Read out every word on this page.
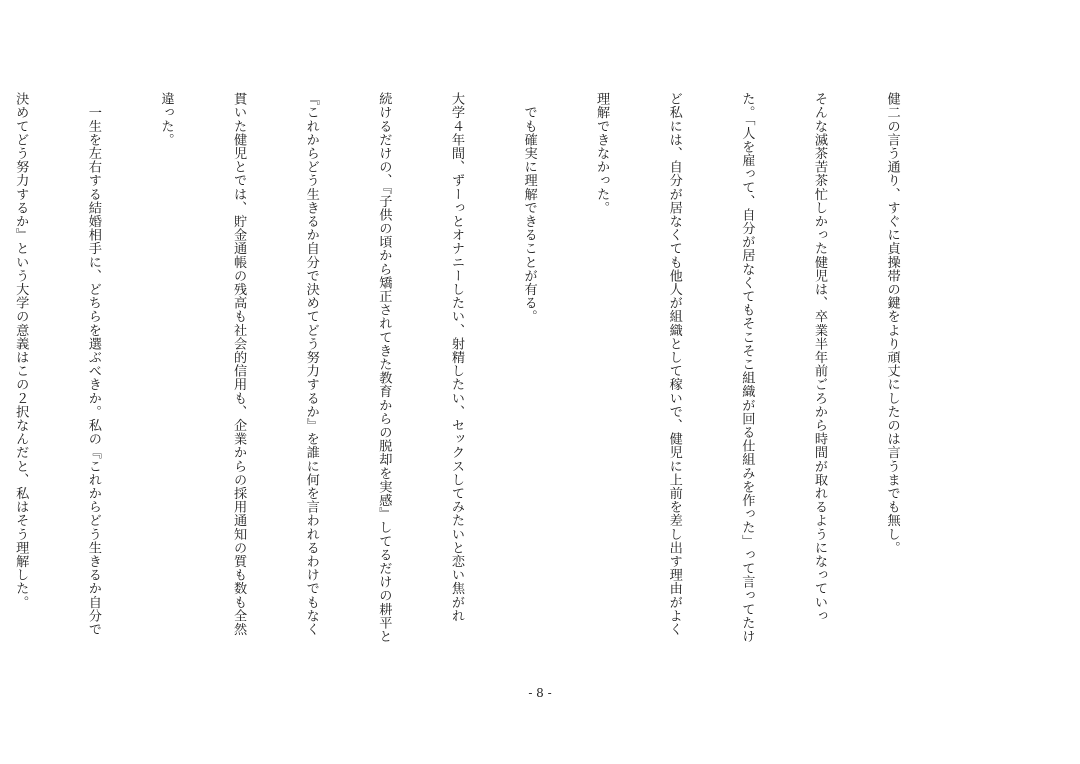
健二の言う通り、すぐに貞操帯の鍵をより頑丈にしたのは言うまでも無し。

そんな滅茶苦茶忙しかった健児は、卒業半年前ごろから時間が取れるようになっていっ

た。「人を雇って、自分が居なくてもそこそこ組織が回る仕組みを作った」って言ってたけ

ど私には、自分が居なくても他人が組織として稼いで、健児に上前を差し出す理由がよく

理解できなかった。

　でも確実に理解できることが有る。

大学４年間、ずーっとオナニーしたい、射精したい、セックスしてみたいと恋い焦がれ

続けるだけの、『子供の頃から矯正されてきた教育からの脱却を実感』してるだけの耕平と

『これからどう生きるか自分で決めてどう努力するか』を誰に何を言われるわけでもなく

貫いた健児とでは、貯金通帳の残高も社会的信用も、企業からの採用通知の質も数も全然

違った。

　一生を左右する結婚相手に、どちらを選ぶべきか。私の『これからどう生きるか自分で

決めてどう努力するか』という大学の意義はこの２択なんだと、私はそう理解した。

- 8 -
